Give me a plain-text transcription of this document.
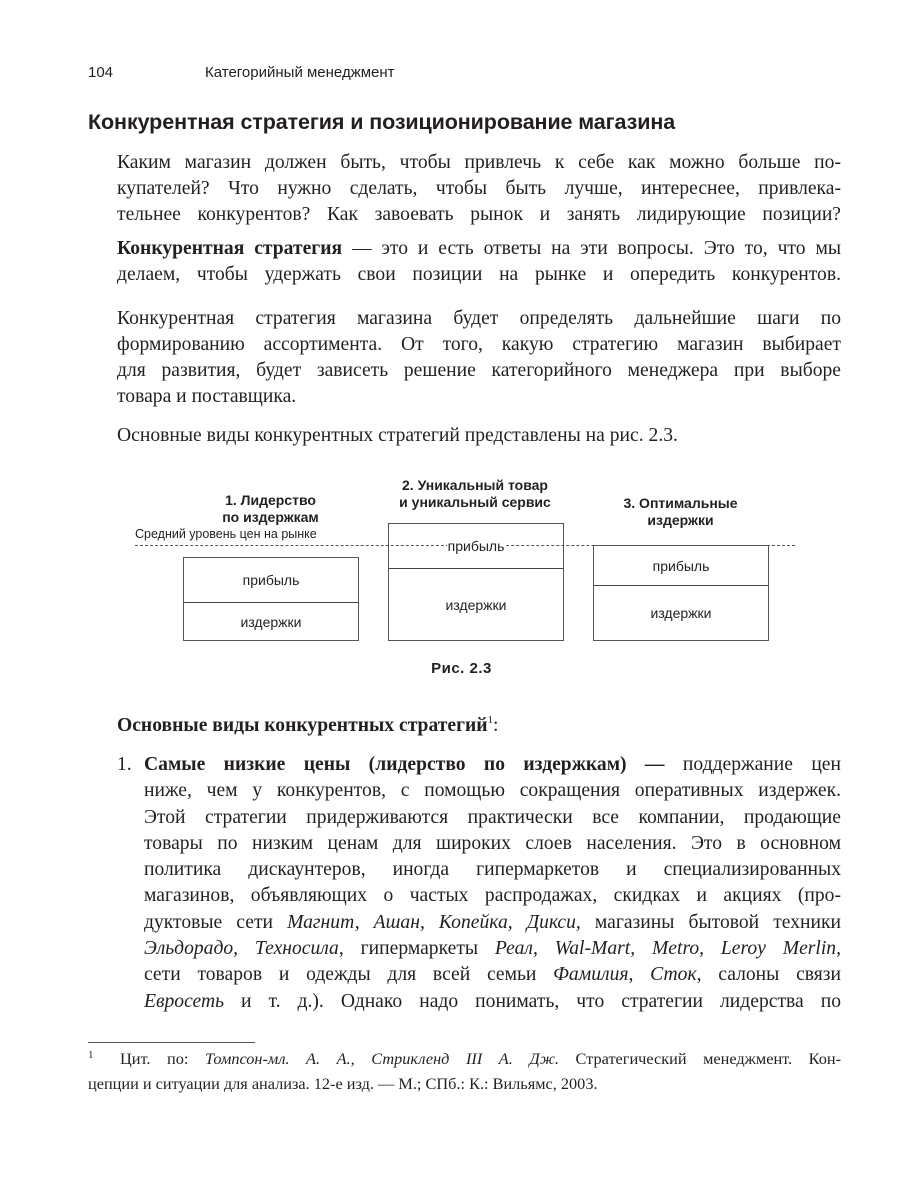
104	Категорийный менеджмент
Конкурентная стратегия и позиционирование магазина
Каким магазин должен быть, чтобы привлечь к себе как можно больше по-
купателей? Что нужно сделать, чтобы быть лучше, интереснее, привлека-
тельнее конкурентов? Как завоевать рынок и занять лидирующие позиции?
Конкурентная стратегия — это и есть ответы на эти вопросы. Это то, что мы
делаем, чтобы удержать свои позиции на рынке и опередить конкурентов.
Конкурентная стратегия магазина будет определять дальнейшие шаги по
формированию ассортимента. От того, какую стратегию магазин выбирает
для развития, будет зависеть решение категорийного менеджера при выборе
товара и поставщика.
Основные виды конкурентных стратегий представлены на рис. 2.3.
1. Лидерство
по издержкам
2. Уникальный товар
и уникальный сервис	3. Оптимальные
издержки
Средний уровень цен на рынке
прибыль
издержки
прибыль
издержки
прибыль
издержки
Рис. 2.3
Основные виды конкурентных стратегий$^1$:
1. Самые низкие цены (лидерство по издержкам) — поддержание цен
ниже, чем у конкурентов, с помощью сокращения оперативных издержек.
Этой стратегии придерживаются практически все компании, продающие
товары по низким ценам для широких слоев населения. Это в основном
политика дискаунтеров, иногда гипермаркетов и специализированных
магазинов, объявляющих о частых распродажах, скидках и акциях (про-
дуктовые сети Магнит, Ашан, Копейка, Дикси, магазины бытовой техники
Эльдорадо, Техносила, гипермаркеты Реал, Wal-Mart, Metro, Leroy Merlin,
сети товаров и одежды для всей семьи Фамилия, Сток, салоны связи
Евросеть и т. д.). Однако надо понимать, что стратегии лидерства по
1	Цит. по: Томпсон-мл. А. А., Стрикленд III А. Дж. Стратегический менеджмент. Кон-
цепции и ситуации для анализа. 12-е изд. — М.; СПб.: К.: Вильямс, 2003.
